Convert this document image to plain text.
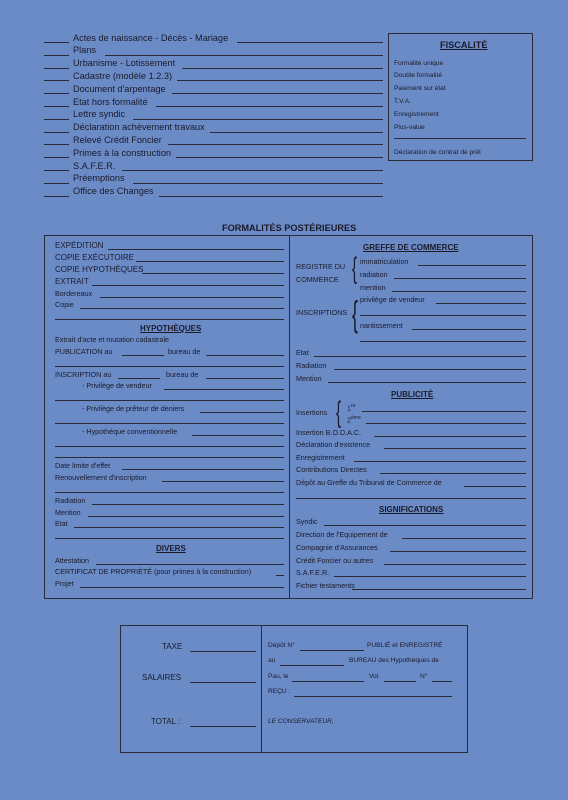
Actes de naissance - Décès - Mariage
Plans
Urbanisme - Lotissement
Cadastre (modèle 1.2.3)
Document d'arpentage
Etat hors formalité
Lettre syndic
Déclaration achèvement travaux
Relevé Crédit Foncier
Primes à la construction
S.A.F.E.R.
Préemptions
Office des Changes
FISCALITÉ
Formalité unique
Double formalité
Paiement sur état
T.V.A.
Enregistrement
Plus-value
Déclaration de contrat de prêt
FORMALITÉS POSTÉRIEURES
EXPÉDITION
COPIE EXÉCUTOIRE
COPIE HYPOTHÈQUES
EXTRAIT
Bordereaux
Copie
HYPOTHÈQUES
Extrait d'acte et mutation cadastrale
PUBLICATION au	bureau de
INSCRIPTION au	bureau de
- Privilège de vendeur
- Privilège de prêteur de deniers
- Hypothèque conventionnelle
Date limite d'effet
Renouvellement d'inscription
Radiation
Mention
Etat
DIVERS
Attestation
CERTIFICAT DE PROPRIÉTÉ (pour primes à la construction)
Projet
GREFFE DE COMMERCE
REGISTRE DU
COMMERCE { immatriculation
radiation
mention
INSCRIPTIONS { privilège de vendeur
nantissement
Etat
Radiation
Mention
PUBLICITÉ
Insertions { 1re
2ème
Insertion B.O.D.A.C.
Déclaration d'existence
Enregistrement
Contributions Directes
Dépôt au Greffe du Tribunal de Commerce de
SIGNIFICATIONS
Syndic
Direction de l'Equipement de
Compagnie d'Assurances
Crédit Foncier ou autres
S.A.F.E.R.
Fichier testaments
TAXE
SALAIRES
TOTAL :
Dépôt N°	PUBLIÉ et ENREGISTRÉ
au	BUREAU des Hypothèques de
Pau, le	Vol.	N°
REÇU :
LE CONSERVATEUR,
